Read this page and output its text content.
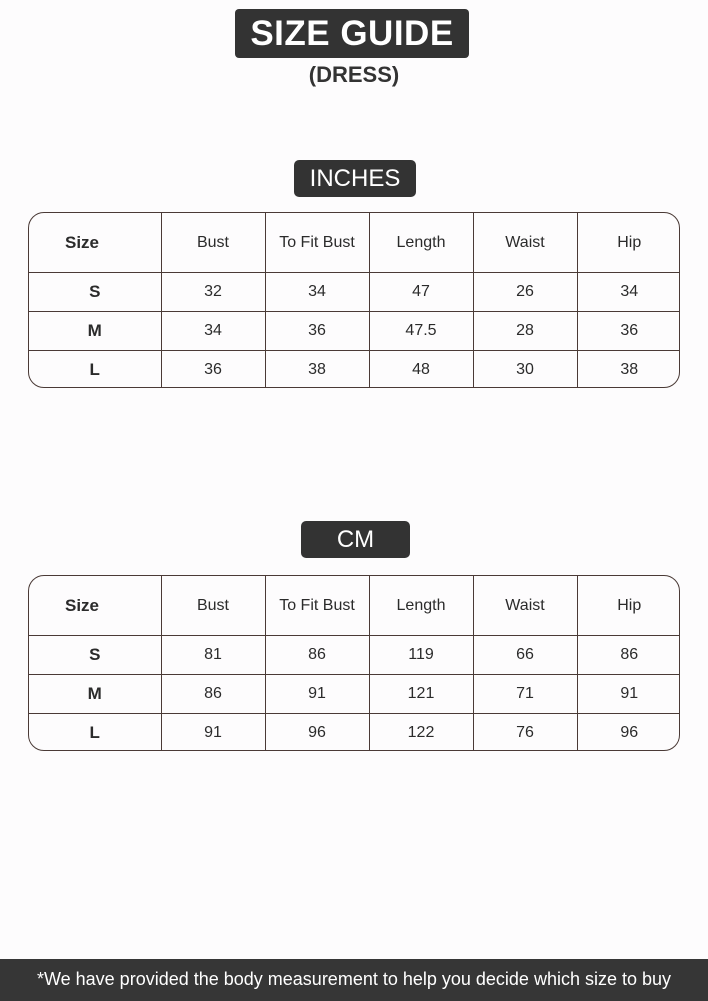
SIZE GUIDE
(DRESS)
INCHES
Size	Bust	To Fit Bust	Length	Waist	Hip
S	32	34	47	26	34
M	34	36	47.5	28	36
L	36	38	48	30	38
CM
Size	Bust	To Fit Bust	Length	Waist	Hip
S	81	86	119	66	86
M	86	91	121	71	91
L	91	96	122	76	96
*We have provided the body measurement to help you decide which size to buy
